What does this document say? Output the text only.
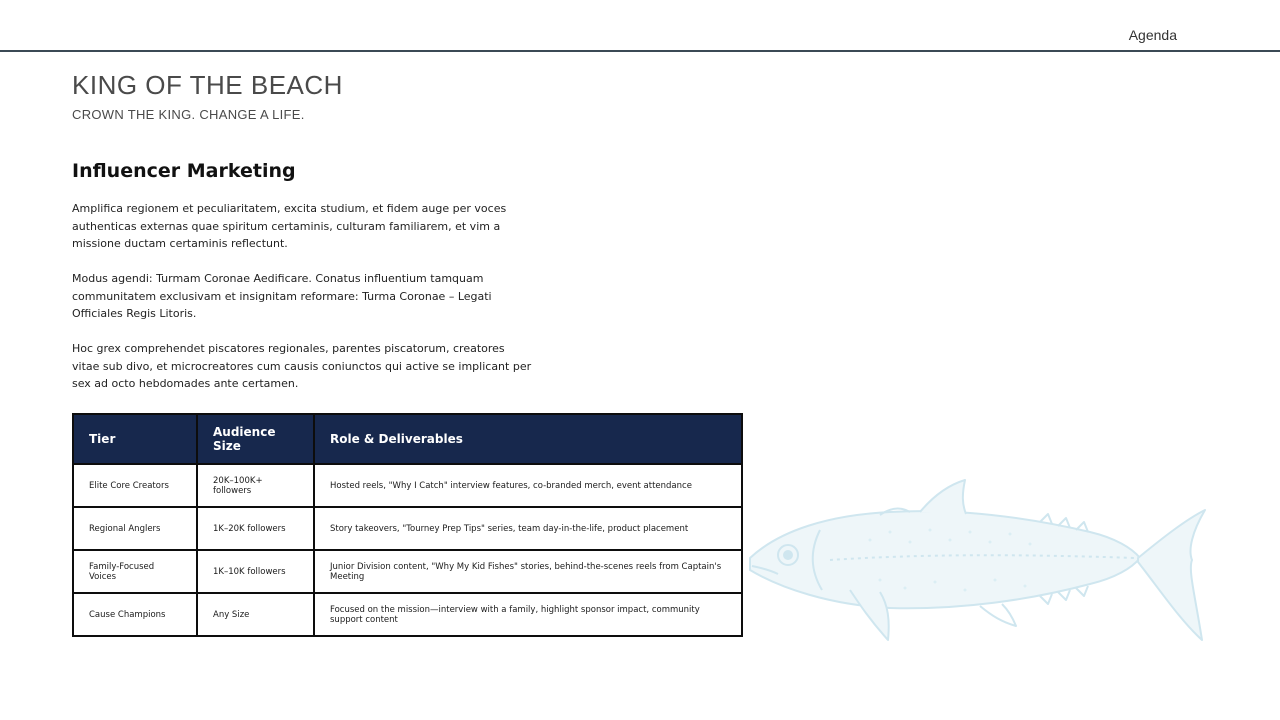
Agenda
KING OF THE BEACH
CROWN THE KING. CHANGE A LIFE.
Influencer Marketing

Amplifica regionem et peculiaritatem, excita studium, et fidem auge per voces authenticas externas quae spiritum certaminis, culturam familiarem, et vim a missione ductam certaminis reflectunt.

Modus agendi: Turmam Coronae Aedificare. Conatus influentium tamquam communitatem exclusivam et insignitam reformare: Turma Coronae – Legati Officiales Regis Litoris.

Hoc grex comprehendet piscatores regionales, parentes piscatorum, creatores vitae sub divo, et microcreatores cum causis coniunctos qui active se implicant per sex ad octo hebdomades ante certamen.

Tier	Audience Size	Role & Deliverables
Elite Core Creators	20K–100K+ followers	Hosted reels, "Why I Catch" interview features, co-branded merch, event attendance
Regional Anglers	1K–20K followers	Story takeovers, "Tourney Prep Tips" series, team day-in-the-life, product placement
Family-Focused Voices	1K–10K followers	Junior Division content, "Why My Kid Fishes" stories, behind-the-scenes reels from Captain's Meeting
Cause Champions	Any Size	Focused on the mission—interview with a family, highlight sponsor impact, community support content
